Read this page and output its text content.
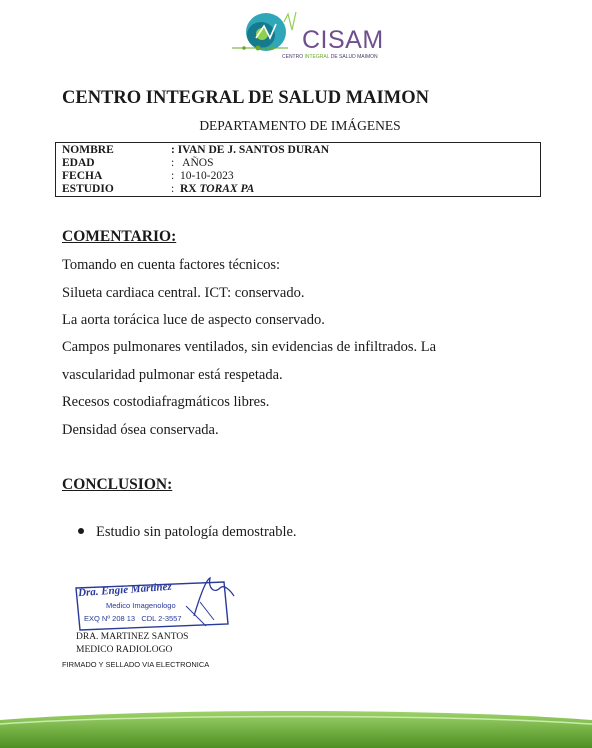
CISAM
CENTRO INTEGRAL DE SALUD MAIMON
CENTRO INTEGRAL DE SALUD MAIMON
DEPARTAMENTO DE IMÁGENES
NOMBRE	: IVAN DE J. SANTOS DURAN
EDAD	:   AÑOS
FECHA	:  10-10-2023
ESTUDIO	:  RX TORAX PA
COMENTARIO:
Tomando en cuenta factores técnicos:
Silueta cardiaca central. ICT: conservado.
La aorta torácica luce de aspecto conservado.
Campos pulmonares ventilados, sin evidencias de infiltrados. La
vascularidad pulmonar está respetada.
Recesos costodiafragmáticos libres.
Densidad ósea conservada.
CONCLUSION:
Estudio sin patología demostrable.
Dra. Engie Martinez
Medico Imagenologo
EXQ Nº 208 13   CDL 2-3557
DRA. MARTINEZ SANTOS
MEDICO RADIOLOGO
FIRMADO Y SELLADO VIA ELECTRONICA
